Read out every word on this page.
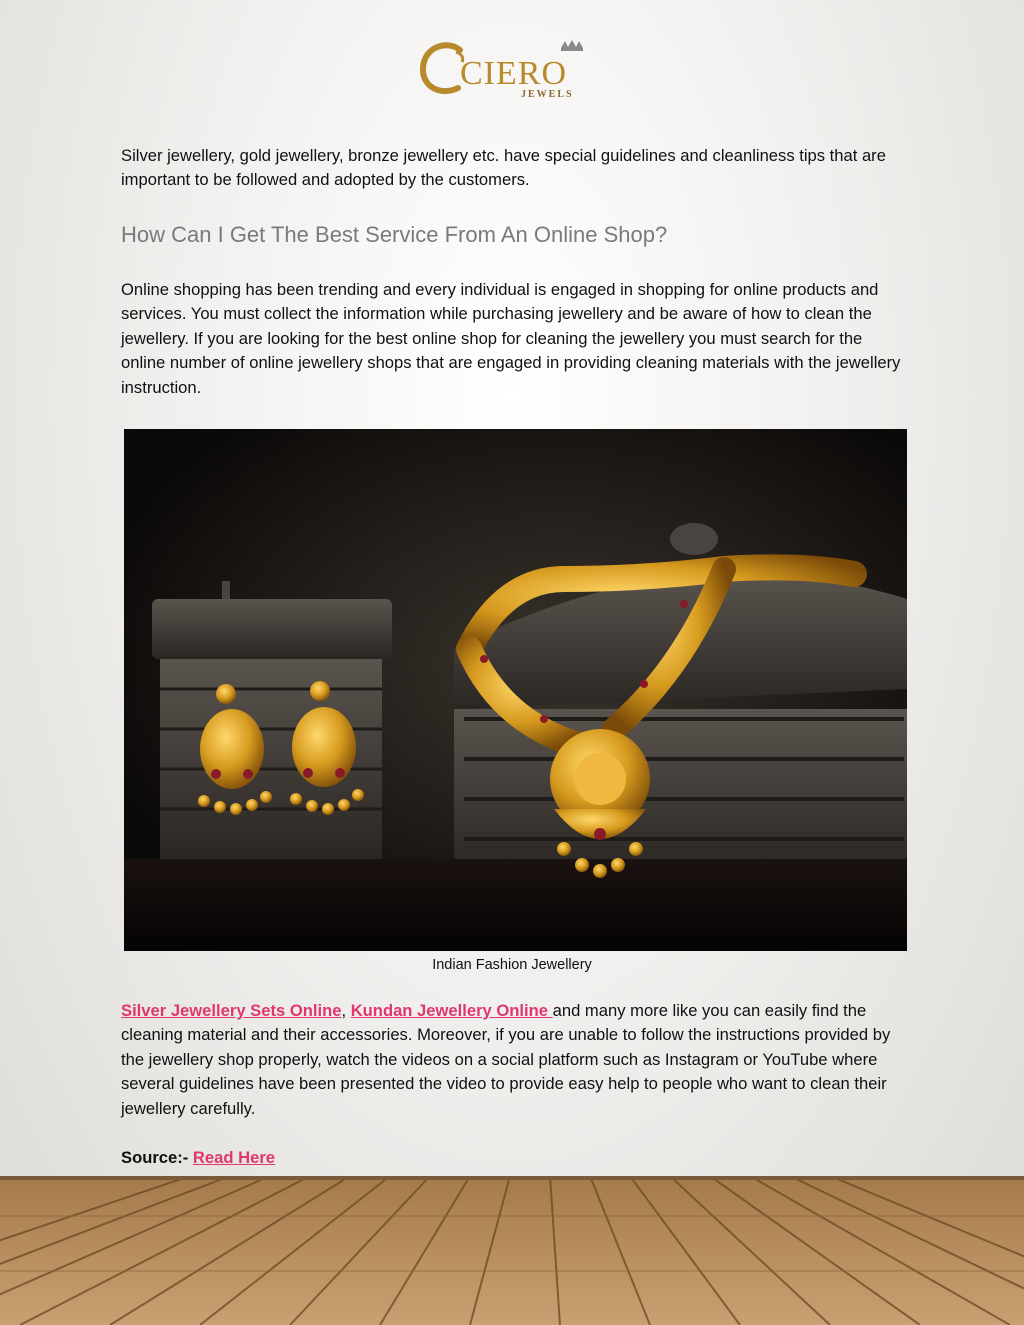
CIERO
JEWELS
Silver jewellery, gold jewellery, bronze jewellery etc. have special guidelines and cleanliness tips that are important to be followed and adopted by the customers.
How Can I Get The Best Service From An Online Shop?
Online shopping has been trending and every individual is engaged in shopping for online products and services. You must collect the information while purchasing jewellery and be aware of how to clean the jewellery. If you are looking for the best online shop for cleaning the jewellery you must search for the online number of online jewellery shops that are engaged in providing cleaning materials with the jewellery instruction.
Indian Fashion Jewellery
Silver Jewellery Sets Online, Kundan Jewellery Online and many more like you can easily find the cleaning material and their accessories. Moreover, if you are unable to follow the instructions provided by the jewellery shop properly, watch the videos on a social platform such as Instagram or YouTube where several guidelines have been presented the video to provide easy help to people who want to clean their jewellery carefully.
Source:- Read Here
